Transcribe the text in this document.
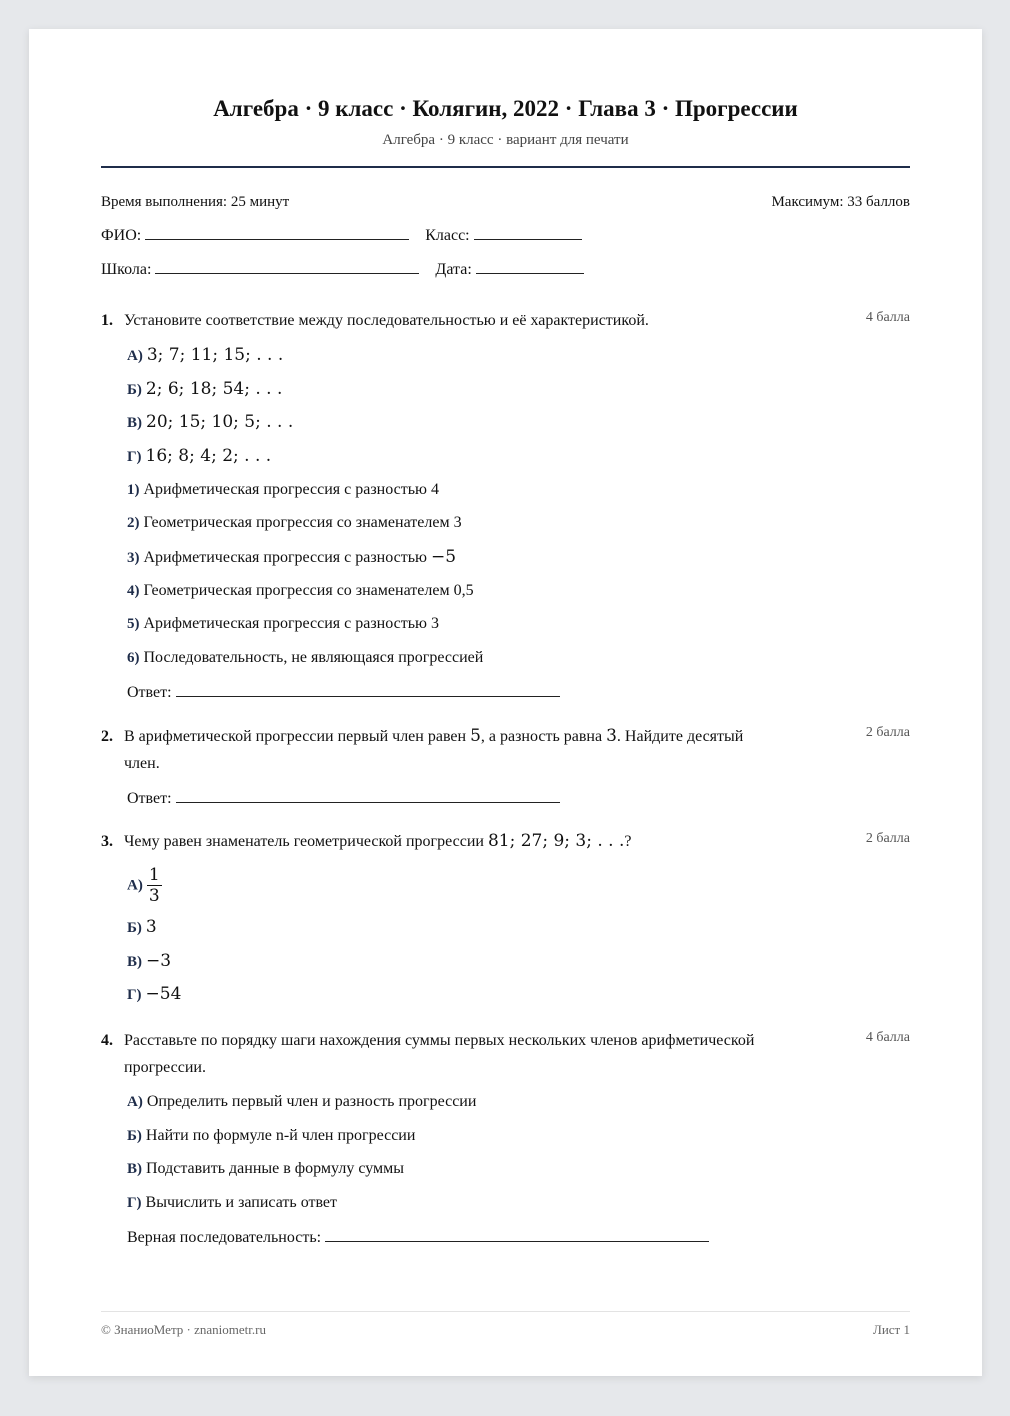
Алгебра · 9 класс · Колягин, 2022 · Глава 3 · Прогрессии
Алгебра · 9 класс · вариант для печати
Время выполнения: 25 минут	Максимум: 33 баллов
ФИО:	Класс:
Школа:	Дата:
1. Установите соответствие между последовательностью и её характеристикой.	4 балла
А) 3; 7; 11; 15; . . .
Б) 2; 6; 18; 54; . . .
В) 20; 15; 10; 5; . . .
Г) 16; 8; 4; 2; . . .
1) Арифметическая прогрессия с разностью 4
2) Геометрическая прогрессия со знаменателем 3
3) Арифметическая прогрессия с разностью −5
4) Геометрическая прогрессия со знаменателем 0,5
5) Арифметическая прогрессия с разностью 3
6) Последовательность, не являющаяся прогрессией
Ответ:
2. В арифметической прогрессии первый член равен 5, а разность равна 3. Найдите десятый
член.
2 балла
Ответ:
3. Чему равен знаменатель геометрической прогрессии 81; 27; 9; 3; . . .?	2 балла
$А) \frac{1}{3}$
Б) 3
В) −3
Г) −54
4. Расставьте по порядку шаги нахождения суммы первых нескольких членов арифметической
прогрессии.
4 балла
А) Определить первый член и разность прогрессии
Б) Найти по формуле n-й член прогрессии
В) Подставить данные в формулу суммы
Г) Вычислить и записать ответ
Верная последовательность:
© ЗнаниоМетр · znaniometr.ru	Лист 1
